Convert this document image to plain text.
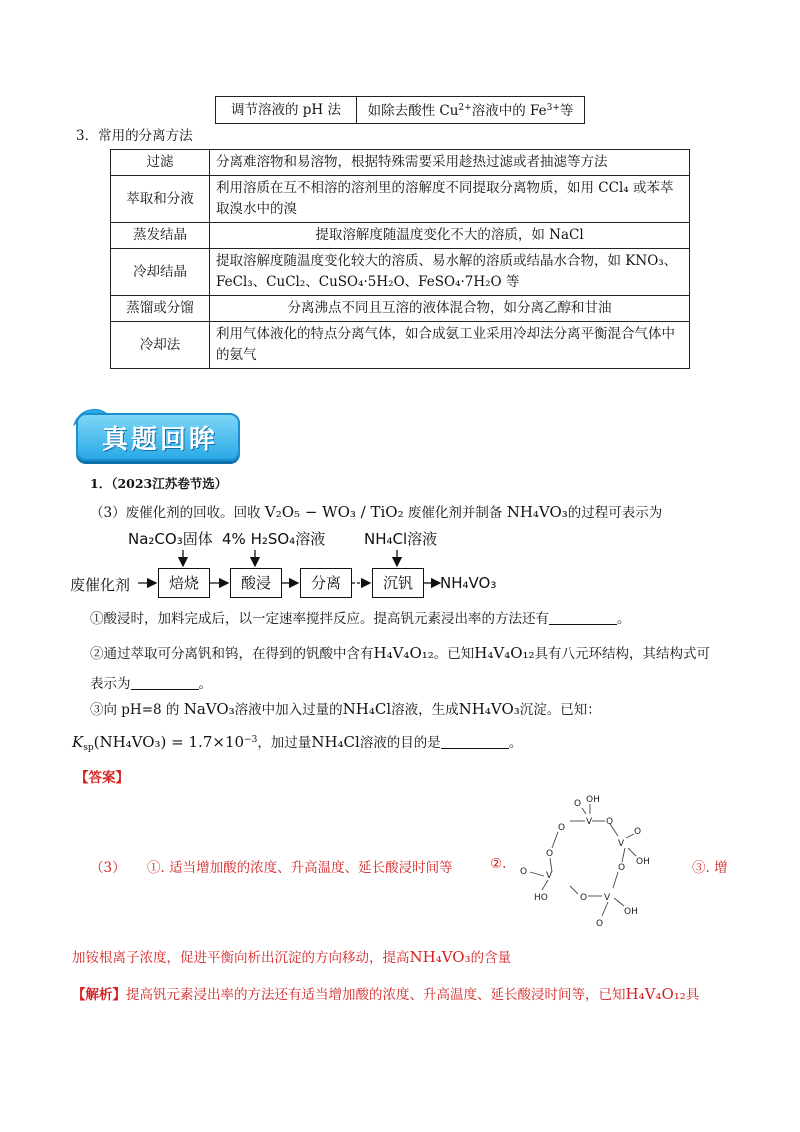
调节溶液的 pH 法	如除去酸性 $Cu^{2+}$溶液中的 $Fe^{3+}$等
3．常用的分离方法
过滤	分离难溶物和易溶物，根据特殊需要采用趁热过滤或者抽滤等方法
萃取和分液	利用溶质在互不相溶的溶剂里的溶解度不同提取分离物质，如用 CCl₄ 或苯萃取溴水中的溴
蒸发结晶	提取溶解度随温度变化不大的溶质，如 NaCl
冷却结晶	提取溶解度随温度变化较大的溶质、易水解的溶质或结晶水合物，如 KNO₃、FeCl₃、CuCl₂、CuSO₄·5H₂O、FeSO₄·7H₂O 等
蒸馏或分馏	分离沸点不同且互溶的液体混合物，如分离乙醇和甘油
冷却法	利用气体液化的特点分离气体，如合成氨工业采用冷却法分离平衡混合气体中的氨气
真题回眸
1．（2023江苏卷节选）
（3）废催化剂的回收。回收 V₂O₅ − WO₃ / TiO₂ 废催化剂并制备 NH₄VO₃的过程可表示为
Na₂CO₃固体 4% H₂SO₄溶液	NH₄Cl溶液
废催化剂	焙烧	酸浸	分离	沉钒	NH₄VO₃
①酸浸时，加料完成后，以一定速率搅拌反应。提高钒元素浸出率的方法还有	。
②通过萃取可分离钒和钨，在得到的钒酸中含有H₄V₄O₁₂。已知H₄V₄O₁₂具有八元环结构，其结构式可
表示为	。
③向 pH=8 的 NaVO₃溶液中加入过量的NH₄Cl溶液，生成NH₄VO₃沉淀。已知：
$K_{sp}(NH_4VO_3) = 1.7\times 10^{-3}$，加过量NH₄Cl溶液的目的是	。
【答案】
（3） ①. 适当增加酸的浓度、升高温度、延长酸浸时间等	②.	③. 增
V O
V
O
V
O
V
O
O
O OH
O
OH
O
HO
O
OH
加铵根离子浓度，促进平衡向析出沉淀的方向移动，提高NH₄VO₃的含量
【解析】提高钒元素浸出率的方法还有适当增加酸的浓度、升高温度、延长酸浸时间等，已知H₄V₄O₁₂具
